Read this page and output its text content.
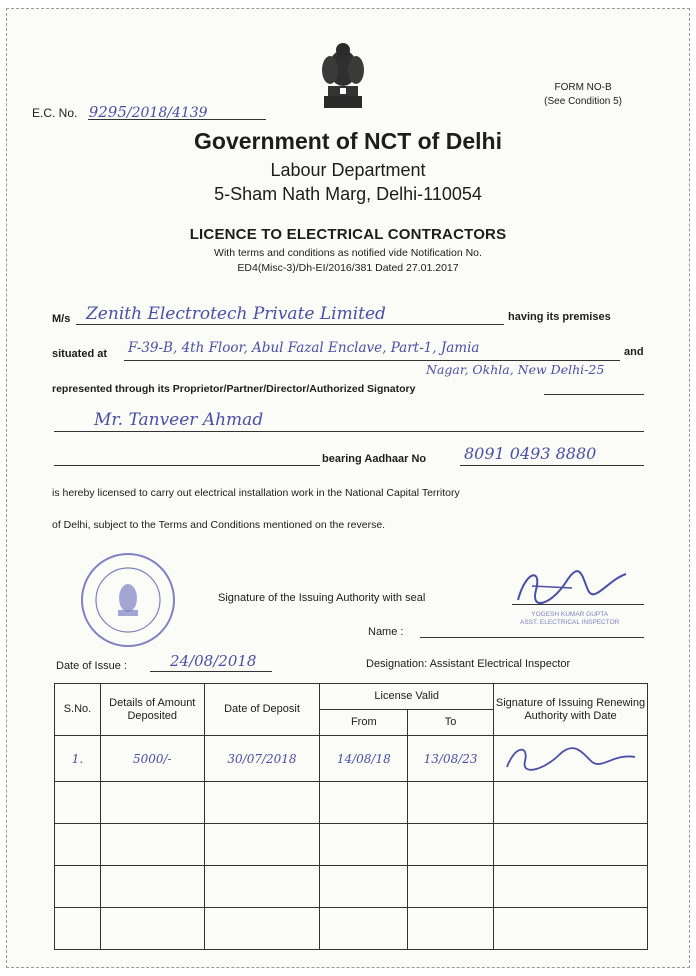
FORM NO-B
(See Condition 5)
E.C. No. 9295/2018/4139
Government of NCT of Delhi
Labour Department
5-Sham Nath Marg, Delhi-110054
LICENCE TO ELECTRICAL CONTRACTORS
With terms and conditions as notified vide Notification No.
ED4(Misc-3)/Dh-EI/2016/381 Dated 27.01.2017
M/s Zenith Electrotech Private Limited	having its premises
situated at F-39-B, 4th Floor, Abul Fazal Enclave, Part-1, Jamia	and
Nagar, Okhla, New Delhi-25
represented through its Proprietor/Partner/Director/Authorized Signatory
Mr. Tanveer Ahmad
bearing Aadhaar No 8091 0493 8880
is hereby licensed to carry out electrical installation work in the National Capital Territory
of Delhi, subject to the Terms and Conditions mentioned on the reverse.
Signature of the Issuing Authority with seal
YOGESH KUMAR GUPTA
ASST. ELECTRICAL INSPECTOR
Name :
Date of Issue :	24/08/2018	Designation: Assistant Electrical Inspector
S.No.	Details of Amount Deposited	Date of Deposit	License Valid		Signature of Issuing Renewing Authority with Date
			From	To	
1.	5000/-	30/07/2018	14/08/18	13/08/23	
